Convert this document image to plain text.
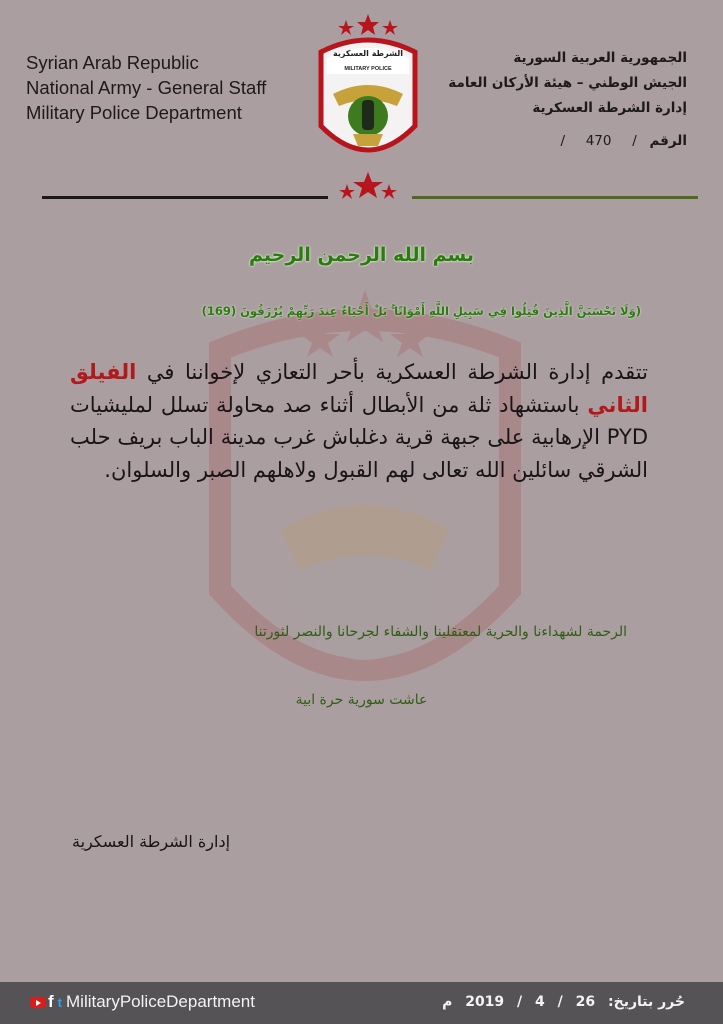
Syrian Arab Republic
National Army - General Staff
Military Police Department
الجمهورية العربية السورية
الجيش الوطني – هيئة الأركان العامة
إدارة الشرطة العسكرية
الرقم / 470 /
الشرطة العسكرية
MILITARY POLICE
بسم الله الرحمن الرحيم
(وَلَا تَحْسَبَنَّ الَّذِينَ قُتِلُوا فِي سَبِيلِ اللَّهِ أَمْوَاتًا ۚ بَلْ أَحْيَاءٌ عِندَ رَبِّهِمْ يُرْزَقُونَ (169)
تتقدم إدارة الشرطة العسكرية بأحر التعازي لإخواننا في الفيلق الثاني باستشهاد ثلة من الأبطال أثناء صد محاولة تسلل لمليشيات PYD الإرهابية على جبهة قرية دغلباش غرب مدينة الباب بريف حلب الشرقي سائلين الله تعالى لهم القبول ولاهلهم الصبر والسلوان.
الرحمة لشهداءنا والحرية لمعتقلينا والشفاء لجرحانا والنصر لثورتنا
عاشت سورية حرة ابية
إدارة الشرطة العسكرية
f t MilitaryPoliceDepartment	حُرر بتاريخ: 26 / 4 / 2019 م
